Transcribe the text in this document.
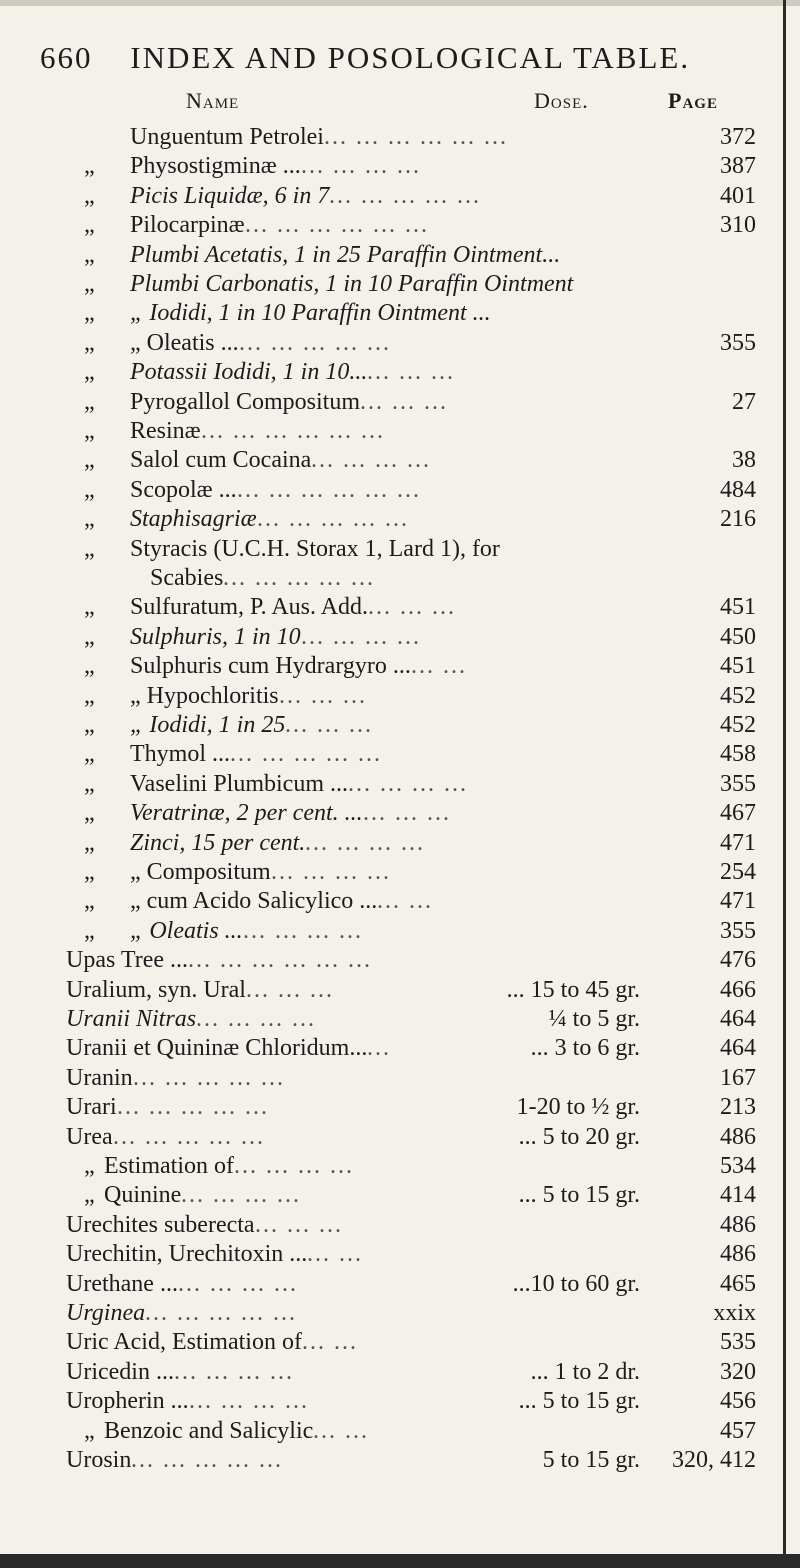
660 INDEX AND POSOLOGICAL TABLE.
Name	Dose.	Page
Unguentum Petrolei ... ... ... ... ... ...	372
„ Physostigminæ ... ... ... ... ...	387
„ Picis Liquidæ, 6 in 7 ... ... ... ... ...	401
„ Pilocarpinæ ... ... ... ... ... ...	310
„ Plumbi Acetatis, 1 in 25 Paraffin Ointment...
„ Plumbi Carbonatis, 1 in 10 Paraffin Ointment
„ „ Iodidi, 1 in 10 Paraffin Ointment ...
„ „ Oleatis ... ... ... ... ... ...	355
„ Potassii Iodidi, 1 in 10... ... ... ...
„ Pyrogallol Compositum ... ... ...	27
„ Resinæ ... ... ... ... ... ...
„ Salol cum Cocaina ... ... ... ...	38
„ Scopolæ ... ... ... ... ... ... ...	484
„ Staphisagriæ ... ... ... ... ...	216
„ Styracis (U.C.H. Storax 1, Lard 1), for
Scabies ... ... ... ... ...
„ Sulfuratum, P. Aus. Add. ... ... ...	451
„ Sulphuris, 1 in 10 ... ... ... ...	450
„ Sulphuris cum Hydrargyro ... ... ...	451
„ „ Hypochloritis ... ... ...	452
„ „ Iodidi, 1 in 25 ... ... ...	452
„ Thymol ... ... ... ... ... ...	458
„ Vaselini Plumbicum ... ... ... ... ...	355
„ Veratrinæ, 2 per cent. ... ... ... ...	467
„ Zinci, 15 per cent. ... ... ... ...	471
„ „ Compositum ... ... ... ...	254
„ „ cum Acido Salicylico ... ... ...	471
„ „ Oleatis ... ... ... ... ...	355
Upas Tree ... ... ... ... ... ... ...	476
Uralium, syn. Ural ... ... ...	... 15 to 45 gr.	466
Uranii Nitras ... ... ... ...	¼ to 5 gr.	464
Uranii et Quininæ Chloridum... ...	... 3 to 6 gr.	464
Uranin ... ... ... ... ...	167
Urari ... ... ... ... ...	1-20 to ½ gr.	213
Urea ... ... ... ... ...	... 5 to 20 gr.	486
„ Estimation of ... ... ... ...	534
„ Quinine ... ... ... ...	... 5 to 15 gr.	414
Urechites suberecta ... ... ...	486
Urechitin, Urechitoxin ... ... ...	486
Urethane ... ... ... ... ...	...10 to 60 gr.	465
Urginea ... ... ... ... ...	xxix
Uric Acid, Estimation of ... ...	535
Uricedin ... ... ... ... ...	... 1 to 2 dr.	320
Uropherin ... ... ... ... ...	... 5 to 15 gr.	456
„ Benzoic and Salicylic ... ...	457
Urosin ... ... ... ... ...	5 to 15 gr. 320, 412
